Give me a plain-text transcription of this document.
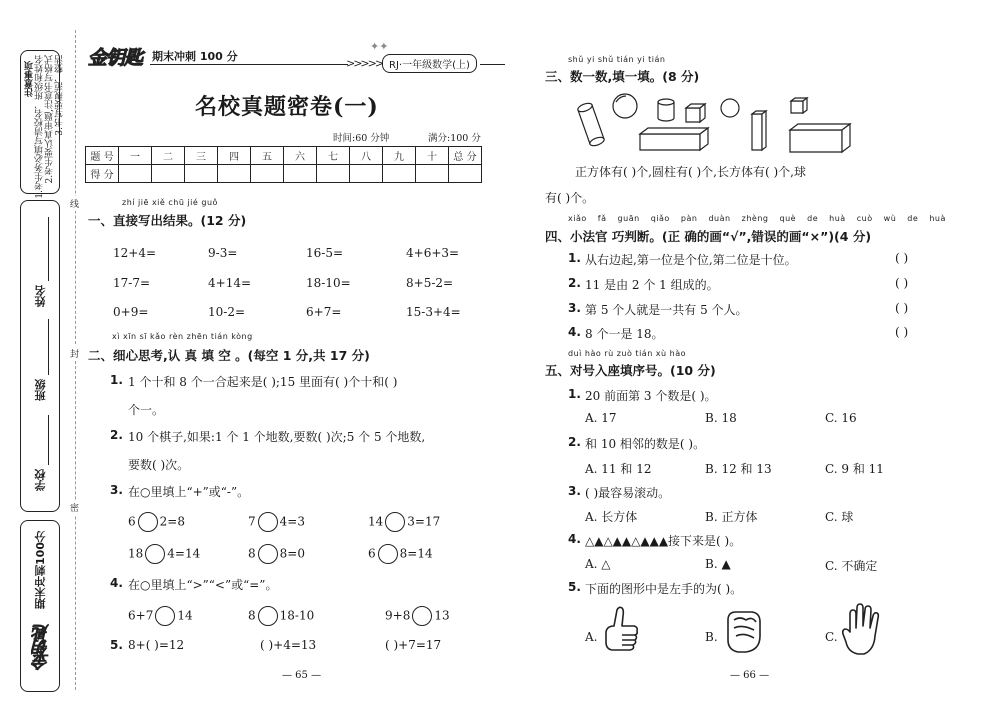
注意事项 1.考生务必填写清校名、班级和姓名 2.考生要认真审题,注意书写格式 3.书写要规范、整洁
姓名
班级
学校
期末冲刺100分
金钥匙
线
封
密
金钥匙 期末冲刺 100 分
>>>>>
✦✦
RJ·一年级数学(上)
名校真题密卷(一)
时间:60 分钟	满分:100 分
题 号	一	二	三	四	五	六	七	八	九	十	总 分
得 分											
zhí jiē xiě chū jié guǒ
一、直接写出结果。(12 分)
12+4=	9-3=	16-5=	4+6+3=
17-7=	4+14=	18-10=	8+5-2=
0+9=	10-2=	6+7=	15-3+4=
xì xīn sī kǎo rèn zhēn tián kòng
二、细心思考,认 真 填 空 。(每空 1 分,共 17 分)
1. 1 个十和 8 个一合起来是( );15 里面有( )个十和( )
个一。
2. 10 个棋子,如果:1 个 1 个地数,要数( )次;5 个 5 个地数,
要数( )次。
3. 在○里填上“+”或“-”。
6 2=8	7 4=3	14 3=17
18 4=14	8 8=0	6 8=14
4. 在○里填上“>”“<”或“=”。
6+7 14	8 18-10	9+8 13
5. 8+( )=12	( )+4=13	( )+7=17
— 65 —
shǔ yi shǔ tián yi tián
三、数一数,填一填。(8 分)
正方体有( )个,圆柱有( )个,长方体有( )个,球
有( )个。
xiǎo fǎ guān qiǎo pàn duàn zhèng què de huà cuò wù de huà
四、小法官 巧判断。(正 确的画“√”,错误的画“×”)(4 分)
1. 从右边起,第一位是个位,第二位是十位。	( )
2. 11 是由 2 个 1 组成的。	( )
3. 第 5 个人就是一共有 5 个人。	( )
4. 8 个一是 18。	( )
duì hào rù zuò tián xù hào
五、对号入座填序号。(10 分)
1. 20 前面第 3 个数是( )。
A. 17	B. 18	C. 16
2. 和 10 相邻的数是( )。
A. 11 和 12	B. 12 和 13	C. 9 和 11
3. ( )最容易滚动。
A. 长方体	B. 正方体	C. 球
4. △▲△▲▲△▲▲▲接下来是( )。
A. △	B. ▲	C. 不确定
5. 下面的图形中是左手的为( )。
A.	B.	C.
— 66 —
